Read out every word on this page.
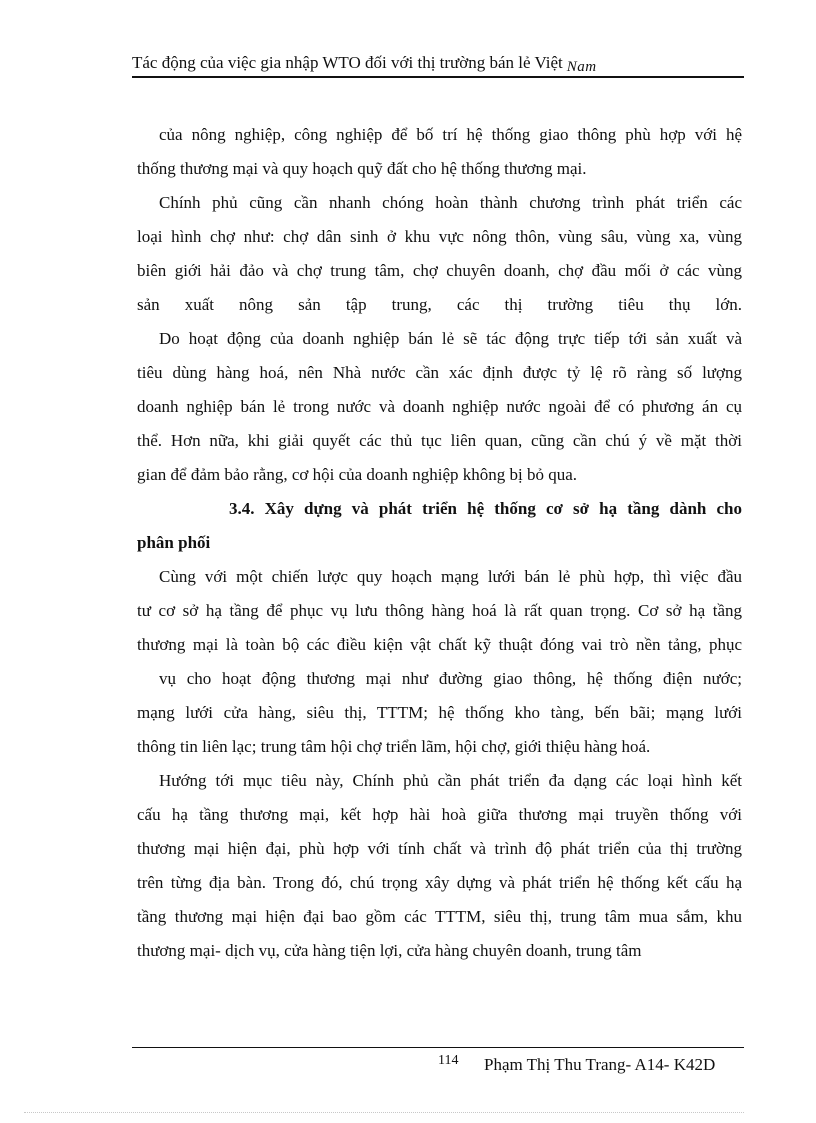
Tác động của việc gia nhập WTO đối với thị trường bán lẻ Việt Nam

của nông nghiệp, công nghiệp để bố trí hệ thống giao thông phù hợp với hệ

thống thương mại và quy hoạch quỹ đất cho hệ thống thương mại.

Chính phủ cũng cần nhanh chóng hoàn thành chương trình phát triển các

loại hình chợ như: chợ dân sinh ở khu vực nông thôn, vùng sâu, vùng xa, vùng

biên giới hải đảo và chợ trung tâm, chợ chuyên doanh, chợ đầu mối ở các vùng

sản xuất nông sản tập trung, các thị trường tiêu thụ lớn.

Do hoạt động của doanh nghiệp bán lẻ sẽ tác động trực tiếp tới sản xuất và

tiêu dùng hàng hoá, nên Nhà nước cần xác định được tỷ lệ rõ ràng số lượng

doanh nghiệp bán lẻ trong nước và doanh nghiệp nước ngoài để có phương án cụ

thể. Hơn nữa, khi giải quyết các thủ tục liên quan, cũng cần chú ý về mặt thời

gian để đảm bảo rằng, cơ hội của doanh nghiệp không bị bỏ qua.

3.4. Xây dựng và phát triển hệ thống cơ sở hạ tầng dành cho

phân phối

Cùng với một chiến lược quy hoạch mạng lưới bán lẻ phù hợp, thì việc đầu

tư cơ sở hạ tầng để phục vụ lưu thông hàng hoá là rất quan trọng. Cơ sở hạ tầng

thương mại là toàn bộ các điều kiện vật chất kỹ thuật đóng vai trò nền tảng, phục

vụ cho hoạt động thương mại như đường giao thông, hệ thống điện nước;

mạng lưới cửa hàng, siêu thị, TTTM; hệ thống kho tàng, bến bãi; mạng lưới

thông tin liên lạc; trung tâm hội chợ triển lãm, hội chợ, giới thiệu hàng hoá.

Hướng tới mục tiêu này, Chính phủ cần phát triển đa dạng các loại hình kết

cấu hạ tầng thương mại, kết hợp hài hoà giữa thương mại truyền thống với

thương mại hiện đại, phù hợp với tính chất và trình độ phát triển của thị trường

trên từng địa bàn. Trong đó, chú trọng xây dựng và phát triển hệ thống kết cấu hạ

tầng thương mại hiện đại bao gồm các TTTM, siêu thị, trung tâm mua sắm, khu

thương mại- dịch vụ, cửa hàng tiện lợi, cửa hàng chuyên doanh, trung tâm

114 Phạm Thị Thu Trang- A14- K42D
